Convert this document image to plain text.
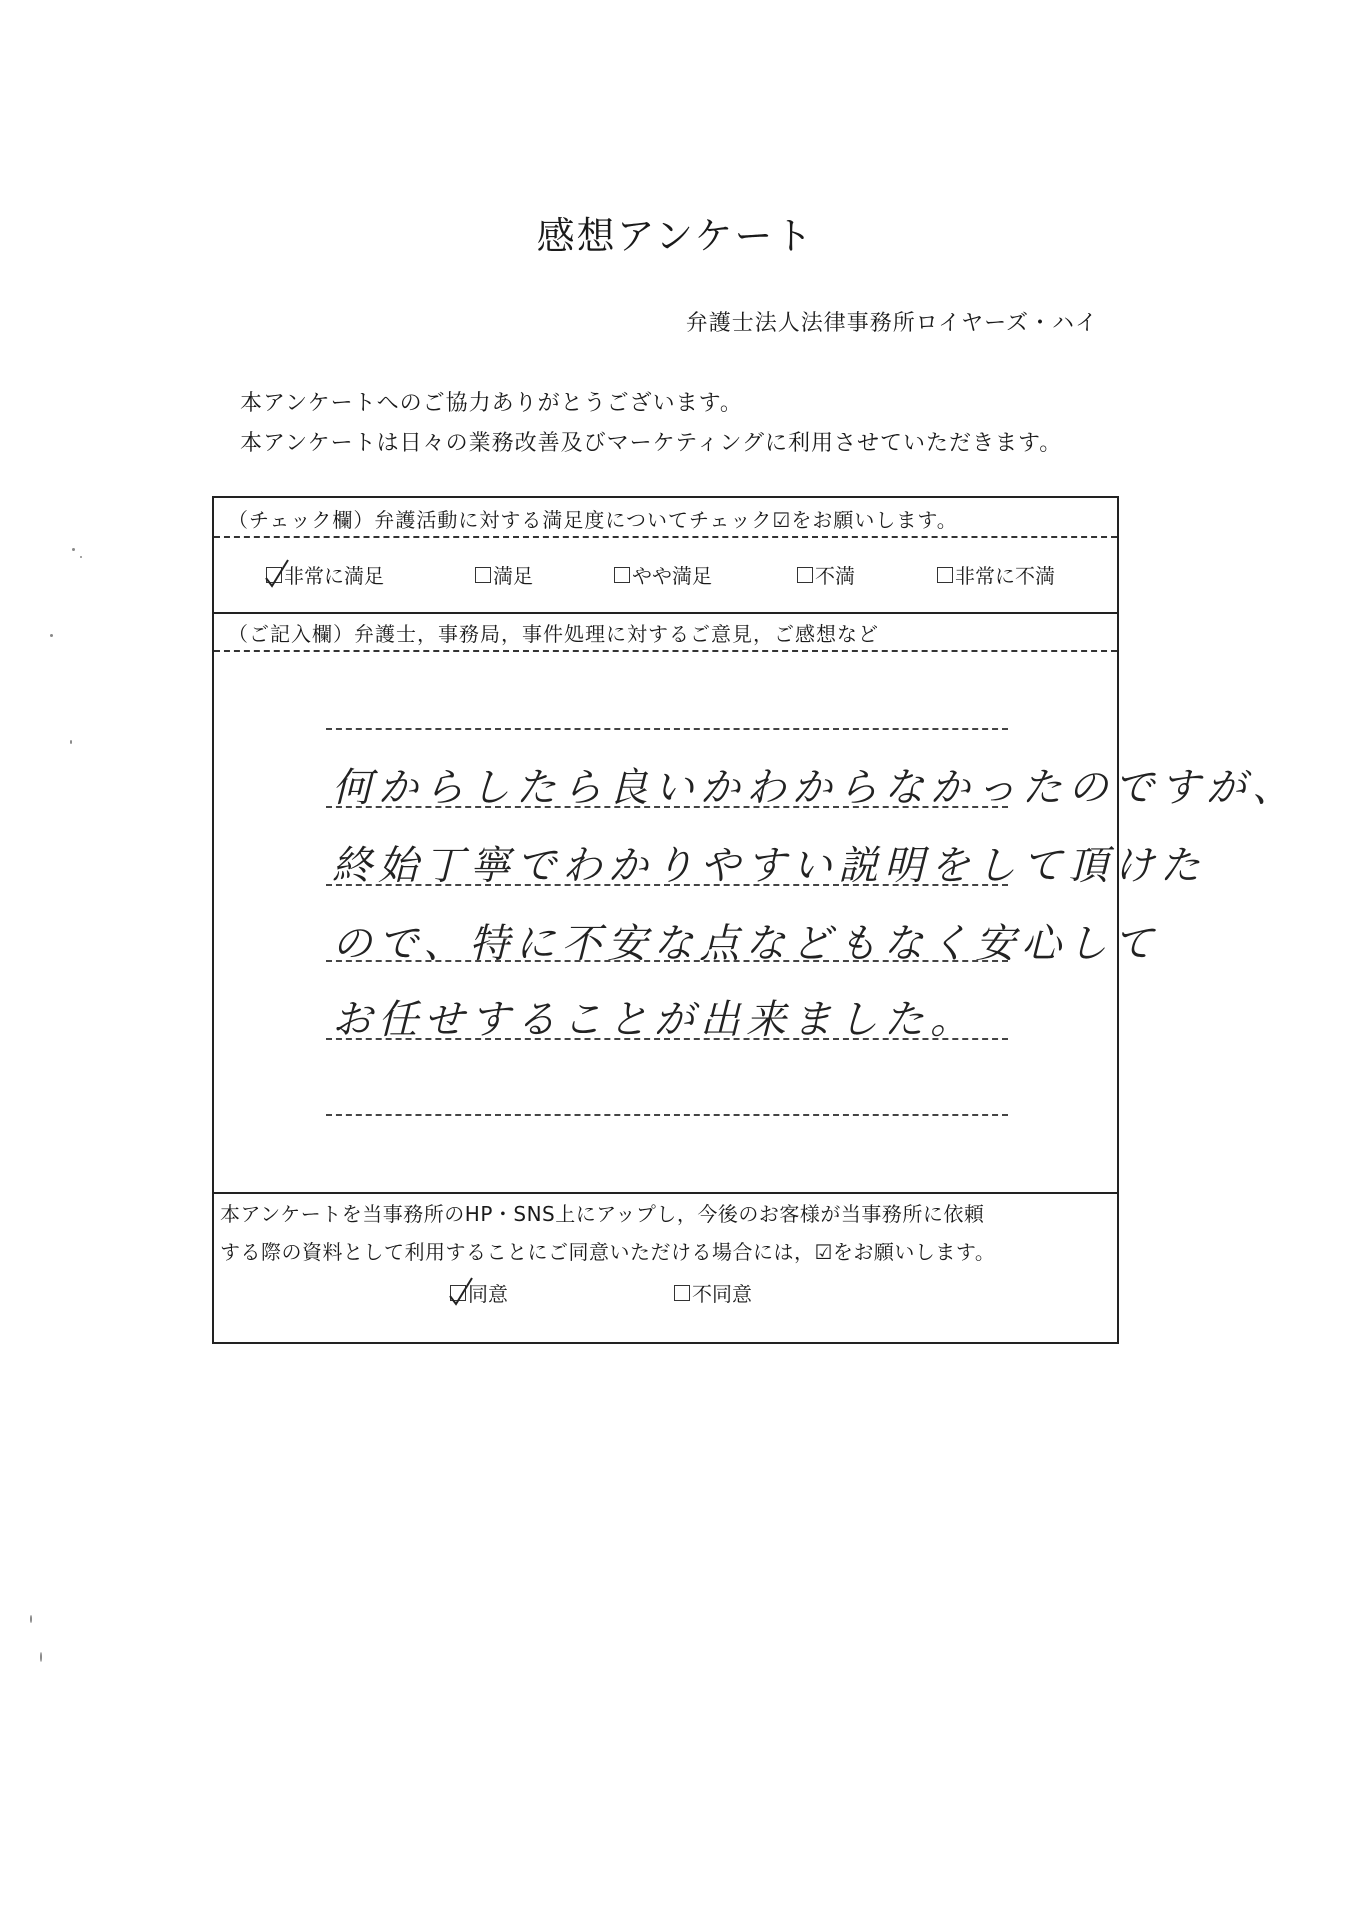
感想アンケート
弁護士法人法律事務所ロイヤーズ・ハイ
本アンケートへのご協力ありがとうございます。
本アンケートは日々の業務改善及びマーケティングに利用させていただきます。
（チェック欄）弁護活動に対する満足度についてチェック☑をお願いします。
非常に満足	満足	やや満足	不満	非常に不満
（ご記入欄）弁護士，事務局，事件処理に対するご意見，ご感想など
何からしたら良いかわからなかったのですが、
終始丁寧でわかりやすい説明をして頂けた
ので、特に不安な点などもなく安心して
お任せすることが出来ました。
本アンケートを当事務所のHP・SNS上にアップし，今後のお客様が当事務所に依頼
する際の資料として利用することにご同意いただける場合には，☑をお願いします。
同意	不同意
